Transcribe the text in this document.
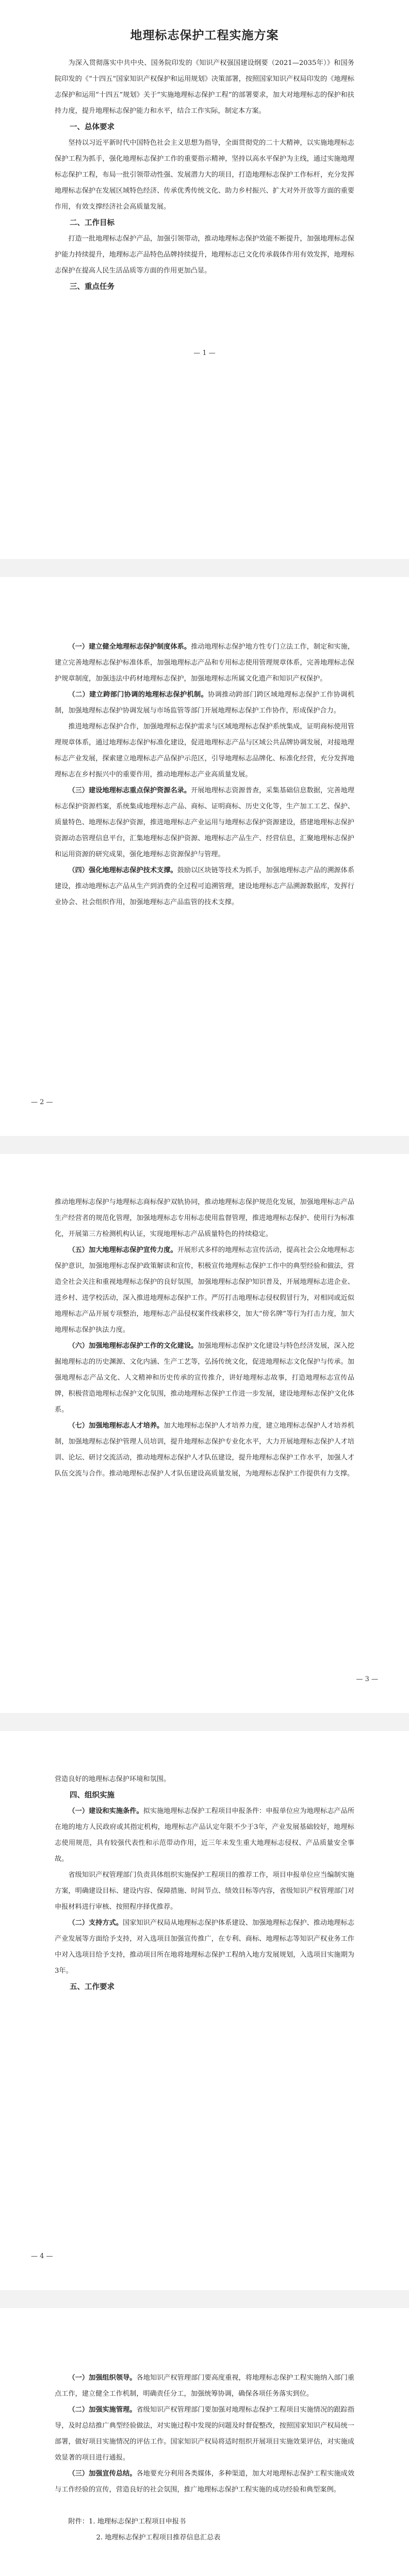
地理标志保护工程实施方案

为深入贯彻落实中共中央、国务院印发的《知识产权强国建设纲要（2021—2035年）》和国务院印发的《“十四五”国家知识产权保护和运用规划》决策部署，按照国家知识产权局印发的《地理标志保护和运用“十四五”规划》关于“实施地理标志保护工程”的部署要求，加大对地理标志的保护和扶持力度，提升地理标志保护能力和水平，结合工作实际，制定本方案。

一、总体要求

坚持以习近平新时代中国特色社会主义思想为指导，全面贯彻党的二十大精神，以实施地理标志保护工程为抓手，强化地理标志保护工作的重要指示精神，坚持以高水平保护为主线，通过实施地理标志保护工程，布局一批引领带动性强、发展潜力大的项目，打造地理标志保护工作标杆，充分发挥地理标志保护在发展区域特色经济、传承优秀传统文化、助力乡村振兴、扩大对外开放等方面的重要作用，有效支撑经济社会高质量发展。

二、工作目标

打造一批地理标志保护产品，加强引领带动，推动地理标志保护效能不断提升，加强地理标志保护能力持续提升，地理标志产品特色品牌持续提升，地理标志已文化传承载体作用有效发挥，地理标志保护在提高人民生活品质等方面的作用更加凸显。

三、重点任务

— 1 —

（一）建立健全地理标志保护制度体系。推动地理标志保护地方性专门立法工作，制定和实施，建立完善地理标志保护标准体系，加强地理标志产品和专用标志使用管理规章体系，完善地理标志保护规章制度，加强违法中药材地理标志保护，加强地理标志所属文化遗产和知识产权保护。

（二）建立跨部门协调的地理标志保护机制。协调推动跨部门跨区域地理标志保护工作协调机制，加强地理标志保护协调发展与市场监管等部门开展地理标志保护工作协作，形成保护合力。

推进地理标志保护合作，加强地理标志保护需求与区域地理标志保护系统集成，证明商标使用管理规章体系，通过地理标志保护标准化建设，促进地理标志产品与区域公共品牌协调发展，对接地理标志产业发展，探索建立地理标志产品保护示范区，引导地理标志品牌化、标准化经营，充分发挥地理标志在乡村振兴中的重要作用，推动地理标志产业高质量发展。

（三）建设地理标志重点保护资源名录。开展地理标志资源普查，采集基础信息数据，完善地理标志保护资源档案，系统集成地理标志产品、商标、证明商标、历史文化等，生产加工工艺、保护、质量特色、地理标志保护资源，推进地理标志产业运用与地理标志保护资源建设，搭建地理标志保护资源动态管理信息平台，汇集地理标志保护资源、地理标志产品生产、经营信息，汇聚地理标志保护和运用资源的研究成果，强化地理标志资源保护与管理。

（四）强化地理标志保护技术支撑。鼓励以区块链等技术为抓手，加强地理标志产品的溯源体系建设，推动地理标志产品从生产到消费的全过程可追溯管理，建设地理标志产品溯源数据库，发挥行业协会、社会组织作用，加强地理标志产品监管的技术支撑。

— 2 —

推动地理标志保护与地理标志商标保护双轨协同，推动地理标志保护规范化发展，加强地理标志产品生产经营者的规范化管理，加强地理标志专用标志使用监督管理，推进地理标志保护、使用行为标准化，开展第三方检测机构认证，实现地理标志产品质量特色的持续稳定。

（五）加大地理标志保护宣传力度。开展形式多样的地理标志宣传活动，提高社会公众地理标志保护意识，加强地理标志保护政策解读和宣传，积极宣传地理标志保护工作中的典型经验和做法，营造全社会关注和重视地理标志保护的良好氛围，加强地理标志保护知识普及，开展地理标志进企业、进乡村、进学校活动，深入推进地理标志保护工作。严厉打击地理标志侵权假冒行为，对相同或近似地理标志产品开展专项整治，地理标志产品侵权案件线索移交，加大“傍名牌”等行为打击力度，加大地理标志保护执法力度。

（六）加强地理标志保护工作的文化建设。加强地理标志保护文化建设与特色经济发展，深入挖掘地理标志的历史渊源、文化内涵、生产工艺等，弘扬传统文化，促进地理标志文化保护与传承。加强地理标志产品文化、人文精神和历史传承的宣传推介，讲好地理标志故事，打造地理标志宣传品牌，积极营造地理标志保护文化氛围，推动地理标志保护工作进一步发展，建设地理标志保护文化体系。

（七）加强地理标志人才培养。加大地理标志保护人才培养力度，建立地理标志保护人才培养机制，加强地理标志保护管理人员培训，提升地理标志保护专业化水平，大力开展地理标志保护人才培训、论坛、研讨交流活动，推动地理标志保护人才队伍建设，提升地理标志保护工作水平，加强人才队伍交流与合作。推动地理标志保护人才队伍建设高质量发展，为地理标志保护工作提供有力支撑。

— 3 —

营造良好的地理标志保护环境和氛围。

四、组织实施

（一）建设和实施条件。拟实施地理标志保护工程项目申报条件：申报单位应为地理标志产品所在地的地方人民政府或其指定机构，地理标志产品认定年限不少于3年，产业发展基础较好，地理标志使用规范，具有较强代表性和示范带动作用，近三年未发生重大地理标志侵权、产品质量安全事故。

省级知识产权管理部门负责具体组织实施保护工程项目的推荐工作，项目申报单位应当编制实施方案，明确建设目标、建设内容、保障措施、时间节点、绩效目标等内容，省级知识产权管理部门对申报材料进行审核、按照程序择优推荐。

（二）支持方式。国家知识产权局从地理标志保护体系建设、加强地理标志保护、推动地理标志产业发展等方面给予支持，对入选项目加强宣传推广，在专利、商标、地理标志等知识产权业务工作中对入选项目给予支持，推动项目所在地将地理标志保护工程纳入地方发展规划，入选项目实施期为3年。

五、工作要求

— 4 —

（一）加强组织领导。各地知识产权管理部门要高度重视，将地理标志保护工程实施纳入部门重点工作，建立健全工作机制，明确责任分工，加强统筹协调，确保各项任务落实到位。

（二）加强实施管理。省级知识产权管理部门要加强对地理标志保护工程项目实施情况的跟踪指导，及时总结推广典型经验做法，对实施过程中发现的问题及时督促整改，按照国家知识产权局统一部署，做好项目实施情况的评估工作。国家知识产权局将适时组织开展项目实施效果评估，对实施成效显著的项目进行通报。

（三）加强宣传总结。各地要充分利用各类媒体，多种渠道，加大对地理标志保护工程实施成效与工作经验的宣传，营造良好的社会氛围，推广地理标志保护工程实施的成功经验和典型案例。

附件：1. 地理标志保护工程项目申报书

2. 地理标志保护工程项目推荐信息汇总表
